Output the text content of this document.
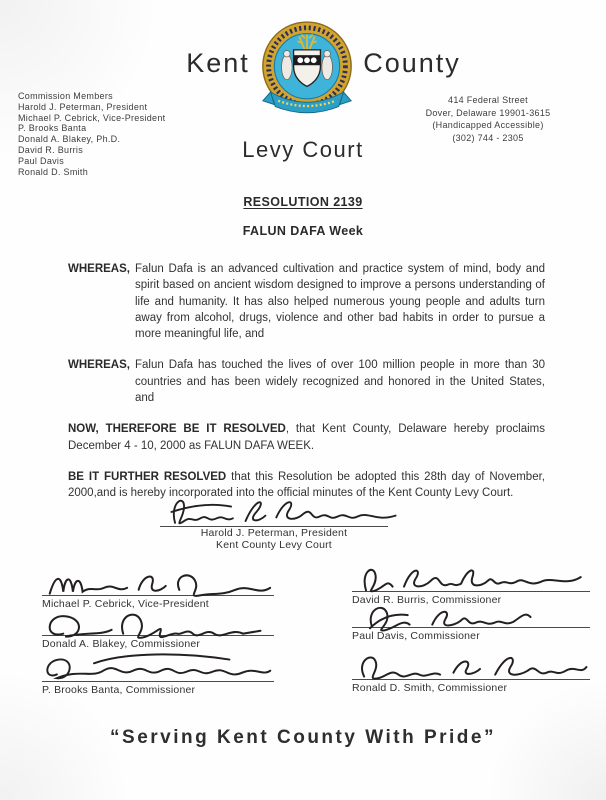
Kent	County
Commission Members
Harold J. Peterman, President
Michael P. Cebrick, Vice-President
P. Brooks Banta
Donald A. Blakey, Ph.D.
David R. Burris
Paul Davis
Ronald D. Smith
414 Federal Street
Dover, Delaware 19901-3615
(Handicapped Accessible)
(302) 744 - 2305
Levy Court
RESOLUTION 2139
FALUN DAFA Week
WHEREAS, Falun Dafa is an advanced cultivation and practice system of mind, body and spirit based on ancient wisdom designed to improve a persons understanding of life and humanity. It has also helped numerous young people and adults turn away from alcohol, drugs, violence and other bad habits in order to pursue a more meaningful life, and
WHEREAS, Falun Dafa has touched the lives of over 100 million people in more than 30 countries and has been widely recognized and honored in the United States, and
NOW, THEREFORE BE IT RESOLVED, that Kent County, Delaware hereby proclaims December 4 - 10, 2000 as FALUN DAFA WEEK.
BE IT FURTHER RESOLVED that this Resolution be adopted this 28th day of November, 2000,and is hereby incorporated into the official minutes of the Kent County Levy Court.
Harold J. Peterman, President
Kent County Levy Court
Michael P. Cebrick, Vice-President
Donald A. Blakey, Commissioner
P. Brooks Banta, Commissioner
David R. Burris, Commissioner
Paul Davis, Commissioner
Ronald D. Smith, Commissioner
“Serving Kent County With Pride”
